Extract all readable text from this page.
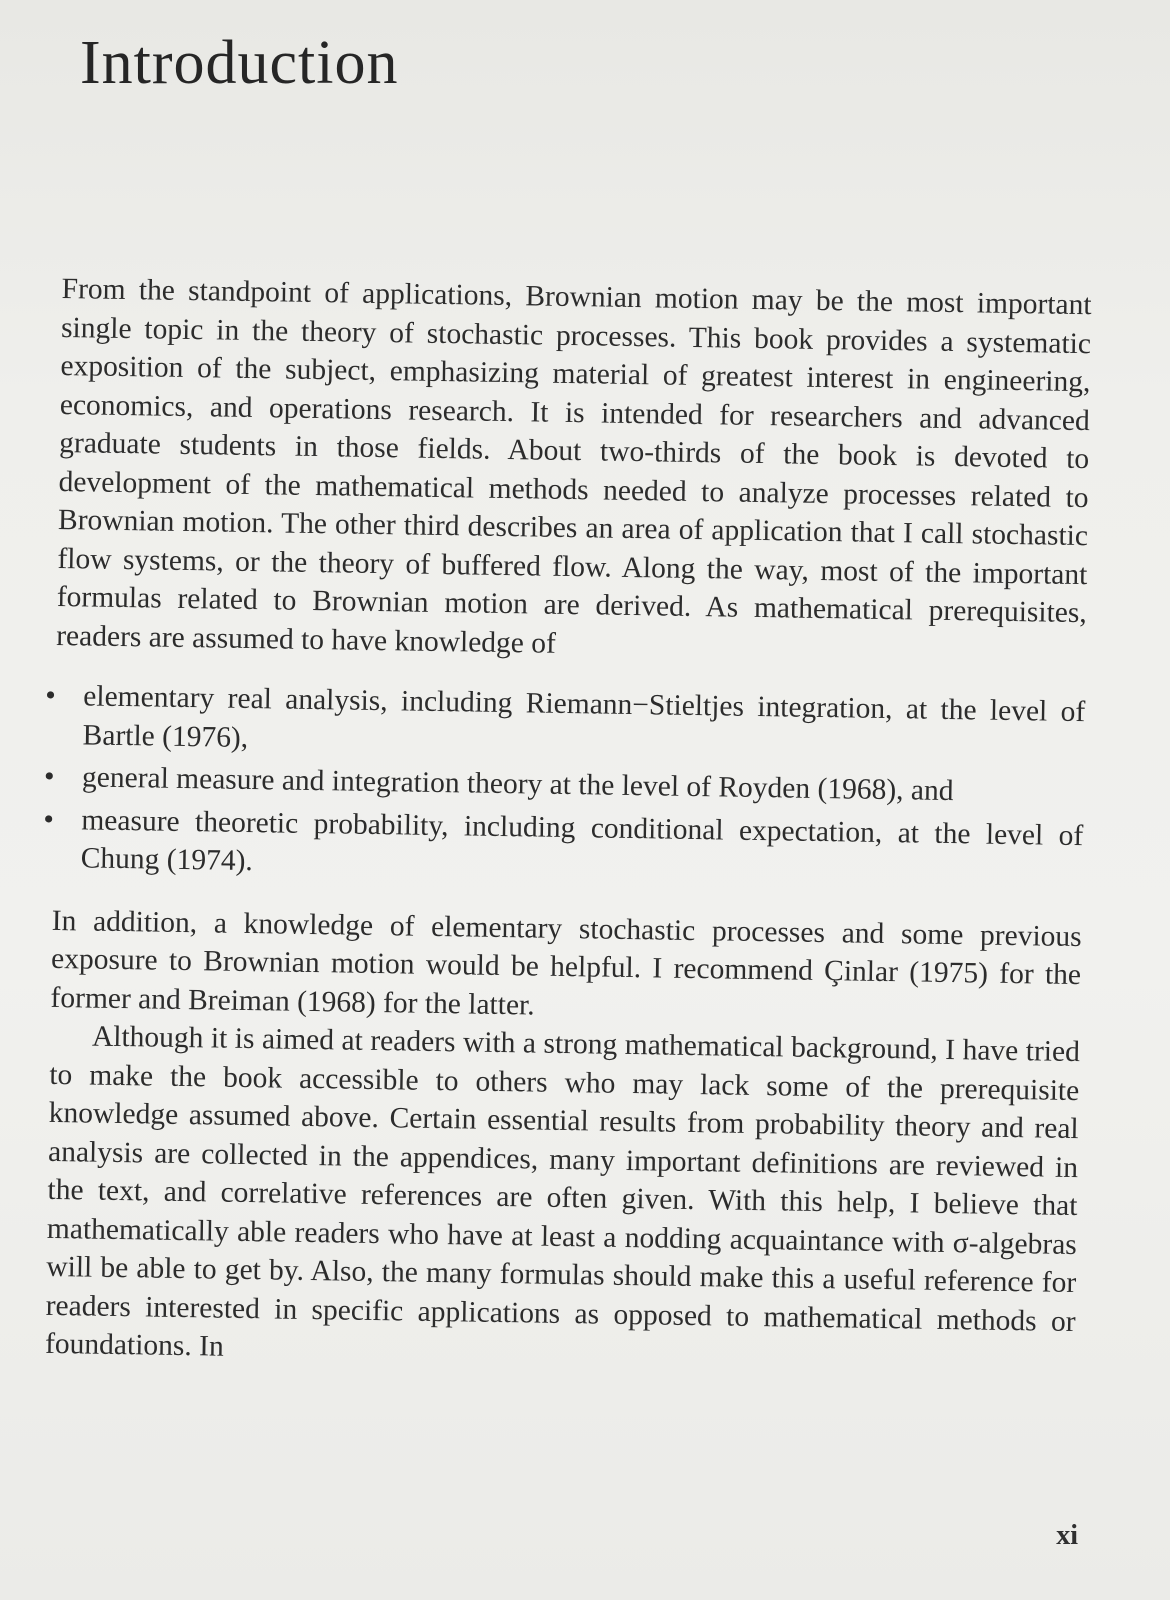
Introduction

From the standpoint of applications, Brownian motion may be the most important single topic in the theory of stochastic processes. This book provides a systematic exposition of the subject, emphasizing material of greatest interest in engineering, economics, and operations research. It is intended for researchers and advanced graduate students in those fields. About two-thirds of the book is devoted to development of the mathematical methods needed to analyze processes related to Brownian motion. The other third describes an area of application that I call stochastic flow systems, or the theory of buffered flow. Along the way, most of the important formulas related to Brownian motion are derived. As mathematical prerequisites, readers are assumed to have knowledge of

• elementary real analysis, including Riemann−Stieltjes integration, at the level of Bartle (1976),
• general measure and integration theory at the level of Royden (1968), and
• measure theoretic probability, including conditional expectation, at the level of Chung (1974).

In addition, a knowledge of elementary stochastic processes and some previous exposure to Brownian motion would be helpful. I recommend Çinlar (1975) for the former and Breiman (1968) for the latter.

Although it is aimed at readers with a strong mathematical background, I have tried to make the book accessible to others who may lack some of the prerequisite knowledge assumed above. Certain essential results from probability theory and real analysis are collected in the appendices, many important definitions are reviewed in the text, and correlative references are often given. With this help, I believe that mathematically able readers who have at least a nodding acquaintance with σ-algebras will be able to get by. Also, the many formulas should make this a useful reference for readers interested in specific applications as opposed to mathematical methods or foundations. In

xi
